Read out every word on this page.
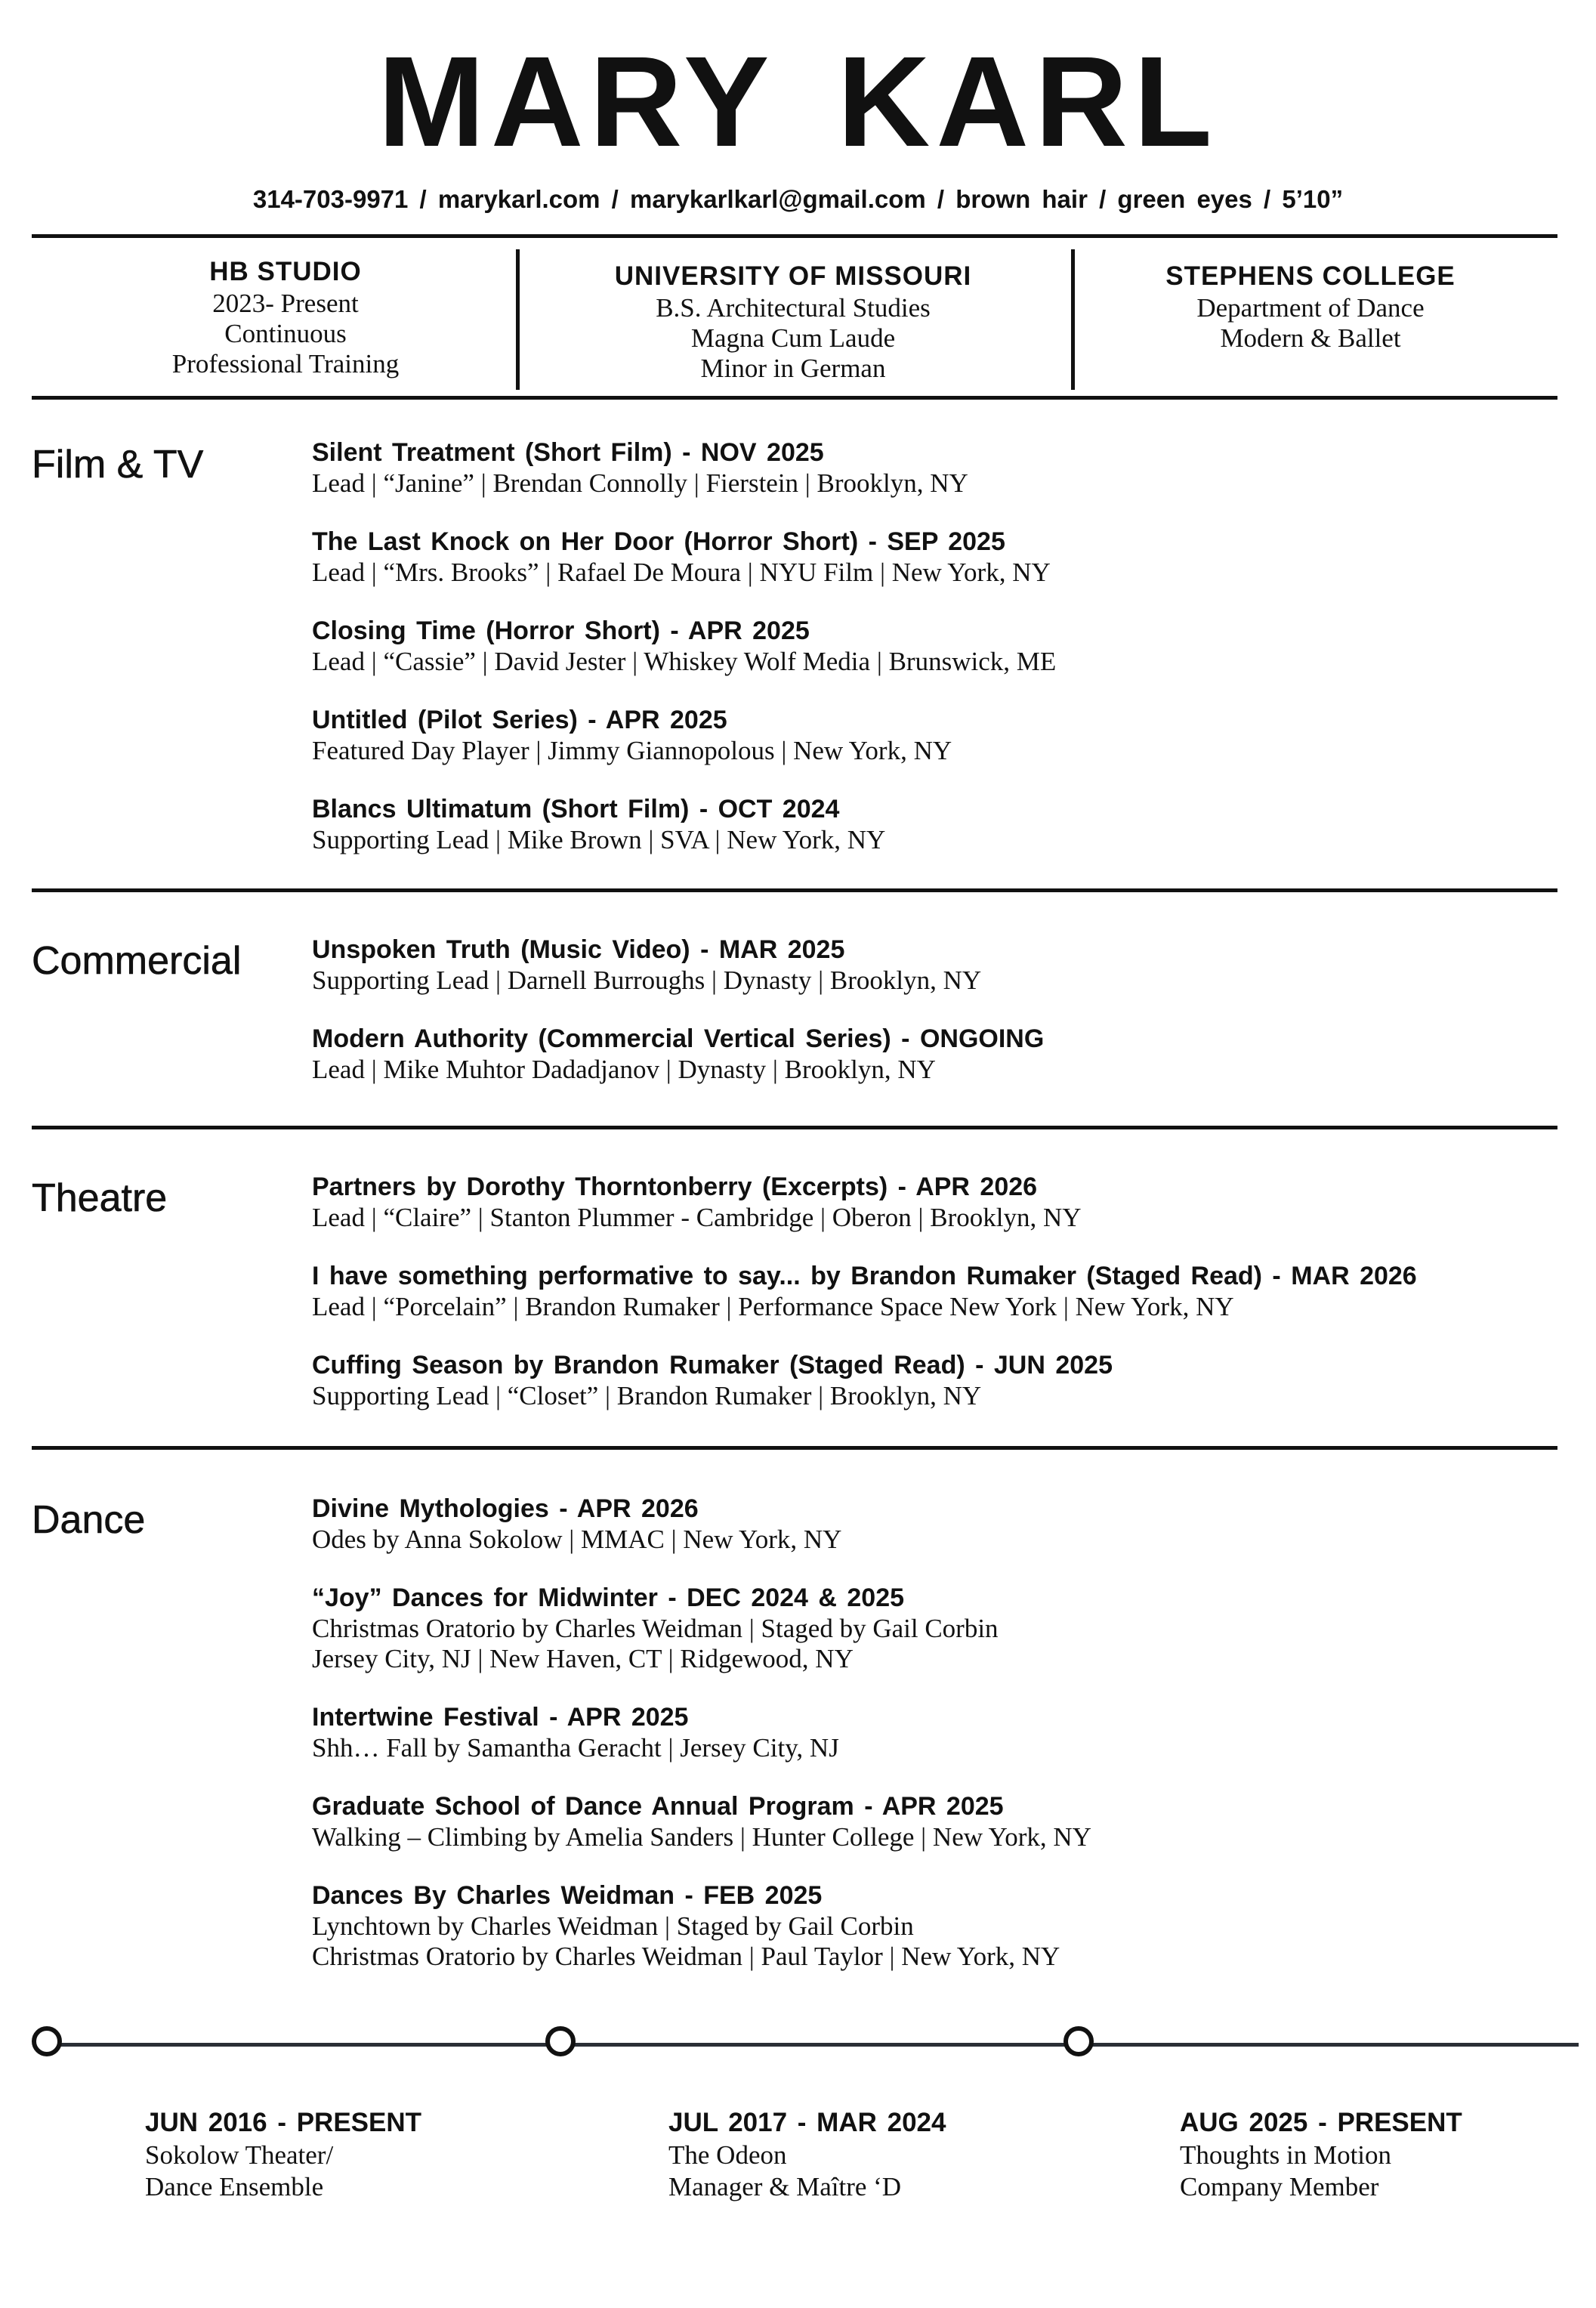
MARY KARL
314-703-9971 / marykarl.com / marykarlkarl@gmail.com / brown hair / green eyes / 5’10”
HB STUDIO
2023- Present
Continuous
Professional Training
UNIVERSITY OF MISSOURI
B.S. Architectural Studies
Magna Cum Laude
Minor in German
STEPHENS COLLEGE
Department of Dance
Modern & Ballet
Film & TV	Silent Treatment (Short Film) - NOV 2025
Lead | “Janine” | Brendan Connolly | Fierstein | Brooklyn, NY
The Last Knock on Her Door (Horror Short) - SEP 2025
Lead | “Mrs. Brooks” | Rafael De Moura | NYU Film | New York, NY
Closing Time (Horror Short) - APR 2025
Lead | “Cassie” | David Jester | Whiskey Wolf Media | Brunswick, ME
Untitled (Pilot Series) - APR 2025
Featured Day Player | Jimmy Giannopolous | New York, NY
Blancs Ultimatum (Short Film) - OCT 2024
Supporting Lead | Mike Brown | SVA | New York, NY
Commercial	Unspoken Truth (Music Video) - MAR 2025
Supporting Lead | Darnell Burroughs | Dynasty | Brooklyn, NY
Modern Authority (Commercial Vertical Series) - ONGOING
Lead | Mike Muhtor Dadadjanov | Dynasty | Brooklyn, NY
Theatre	Partners by Dorothy Thorntonberry (Excerpts) - APR 2026
Lead | “Claire” | Stanton Plummer - Cambridge | Oberon | Brooklyn, NY
I have something performative to say... by Brandon Rumaker (Staged Read) - MAR 2026
Lead | “Porcelain” | Brandon Rumaker | Performance Space New York | New York, NY
Cuffing Season by Brandon Rumaker (Staged Read) - JUN 2025
Supporting Lead | “Closet” | Brandon Rumaker | Brooklyn, NY
Dance	Divine Mythologies - APR 2026
Odes by Anna Sokolow | MMAC | New York, NY
“Joy” Dances for Midwinter - DEC 2024 & 2025
Christmas Oratorio by Charles Weidman | Staged by Gail Corbin
Jersey City, NJ | New Haven, CT | Ridgewood, NY
Intertwine Festival - APR 2025
Shh… Fall by Samantha Geracht | Jersey City, NJ
Graduate School of Dance Annual Program - APR 2025
Walking – Climbing by Amelia Sanders | Hunter College | New York, NY
Dances By Charles Weidman - FEB 2025
Lynchtown by Charles Weidman | Staged by Gail Corbin
Christmas Oratorio by Charles Weidman | Paul Taylor | New York, NY
JUN 2016 - PRESENT
Sokolow Theater/
Dance Ensemble
JUL 2017 - MAR 2024
The Odeon
Manager & Maître ‘D
AUG 2025 - PRESENT
Thoughts in Motion
Company Member
